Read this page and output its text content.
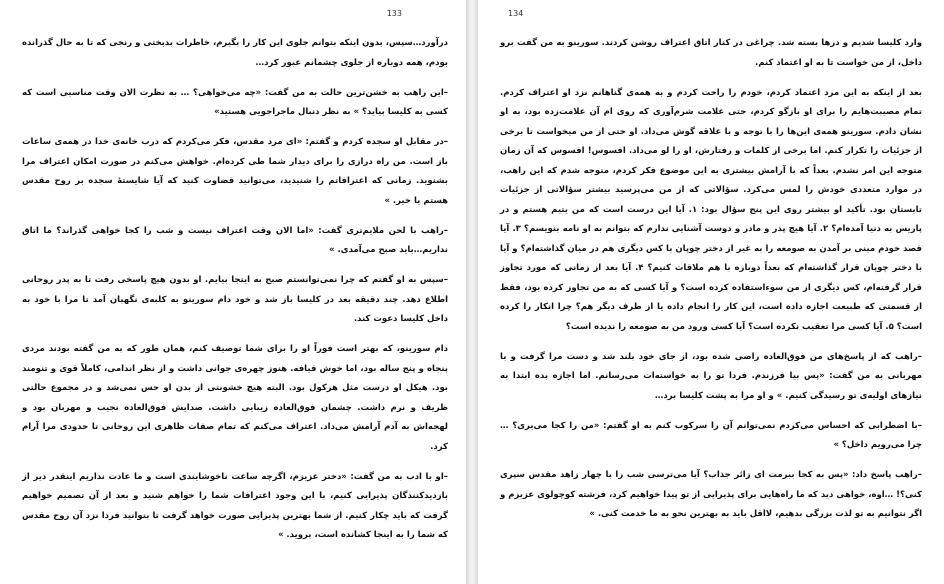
133

درآورد…سپس، بدون اینکه بتوانم جلوی این کار را بگیرم، خاطرات بدبختی و رنجی که تا به حال گذرانده بودم، همه دوباره از جلوی چشمانم عبور کرد…

–این راهب به خشن‌ترین حالت به من گفت: «چه می‌خواهی؟ … به نظرت الان وقت مناسبی است که کسی به کلیسا بیاید؟ » به نظر دنبال ماجراجویی هستید»

–در مقابل او سجده کردم و گفتم: «ای مرد مقدس، فکر می‌کردم که درب خانه‌ی خدا در همه‌ی ساعات باز است. من راه درازی را برای دیدار شما طی کرده‌ام. خواهش می‌کنم در صورت امکان اعتراف مرا بشنوید. زمانی که اعترافاتم را شنیدید، می‌توانید قضاوت کنید که آیا شایستهٔ سجده بر روح مقدس هستم یا خیر. »

–راهب با لحن ملایم‌تری گفت: «اما الان وقت اعتراف نیست و شب را کجا خواهی گذراند؟ ما اتاق نداریم…باید صبح می‌آمدی. »

–سپس به او گفتم که چرا نمی‌توانستم صبح به اینجا بیایم. او بدون هیچ پاسخی رفت تا به پدر روحانی اطلاع دهد. چند دقیقه بعد در کلیسا باز شد و خود دام سورینو به کلبه‌ی نگهبان آمد تا مرا با خود به داخل کلیسا دعوت کند.

دام سورینو، که بهتر است فوراً او را برای شما توصیف کنم، همان طور که به من گفته بودند مردی پنجاه و پنج ساله بود، اما خوش قیافه. هنوز چهره‌ی جوانی داشت و از نظر اندامی، کاملاً قوی و تنومند بود. هیکل او درست مثل هرکول بود. البته هیچ خشونتی از بدن او حس نمی‌شد و در مجموع حالتی ظریف و نرم داشت. چشمان فوق‌العاده زیبایی داشت. صدایش فوق‌العاده نجیب و مهربان بود و لهجه‌اش به آدم آرامش می‌داد. اعتراف می‌کنم که تمام صفات ظاهری این روحانی تا حدودی مرا آرام کرد.

–او با ادب به من گفت: «دختر عزیزم، اگرچه ساعت ناخوشایندی است و ما عادت نداریم اینقدر دیر از بازدیدکنندگان پذیرایی کنیم، با این وجود اعترافات شما را خواهم شنید و بعد از آن تصمیم خواهیم گرفت که باید چکار کنیم. از شما بهترین پذیرایی صورت خواهد گرفت تا بتوانید فردا نزد آن روح مقدس که شما را به اینجا کشانده است، بروید. »

134

وارد کلیسا شدیم و درها بسته شد. چراغی در کنار اتاق اعتراف روشن کردند. سورینو به من گفت برو داخل، از من خواست تا به او اعتماد کنم.

بعد از اینکه به این مرد اعتماد کردم، خودم را راحت کردم و به همه‌ی گناهانم نزد او اعتراف کردم. تمام مصیبت‌هایم را برای او بازگو کردم، حتی علامت شرم‌آوری که روی ام آن علامت‌زده بود، به او نشان دادم. سورینو همه‌ی این‌ها را با توجه و با علاقه گوش می‌داد. او حتی از من میخواست تا برخی از جزئیات را تکرار کنم. اما برخی از کلمات و رفتارش، او را لو می‌داد. افسوس! افسوس که آن زمان متوجه این امر نشدم. بعداً که با آرامش بیشتری به این موضوع فکر کردم، متوجه شدم که این راهب، در موارد متعددی خودش را لمس می‌کرد. سؤالاتی که از من می‌پرسید بیشتر سؤالاتی از جزئیات تابستان بود. تأکید او بیشتر روی این پنج سؤال بود: ۱. آیا این درست است که من یتیم هستم و در پاریس به دنیا آمده‌ام؟ ۲. آیا هیچ پدر و مادر و دوست آشنایی ندارم که بتوانم به او نامه بنویسم؟ ۳. آیا قصد خودم مبنی بر آمدن به صومعه را به غیر از دختر چوپان با کس دیگری هم در میان گذاشته‌ام؟ و آیا با دختر چوپان قرار گذاشته‌ام که بعداً دوباره با هم ملاقات کنیم؟ ۴. آیا بعد از زمانی که مورد تجاوز قرار گرفته‌ام، کس دیگری از من سوءاستفاده کرده است؟ و آیا کسی که به من تجاوز کرده بود، فقط از قسمتی که طبیعت اجازه داده است، این کار را انجام داده یا از طرف دیگر هم؟ چرا انکار را کرده است؟ ۵. آیا کسی مرا تعقیب نکرده است؟ آیا کسی ورود من به صومعه را ندیده است؟

–راهب که از پاسخ‌های من فوق‌العاده راضی شده بود، از جای خود بلند شد و دست مرا گرفت و با مهربانی به من گفت: «پس بیا فرزندم. فردا تو را به خواسته‌ات می‌رسانم. اما اجازه بده ابتدا به نیازهای اولیه‌ی تو رسیدگی کنیم. » و او مرا به پشت کلیسا برد…

–با اضطرابی که احساس می‌کردم نمی‌توانم آن را سرکوب کنم به او گفتم: «من را کجا می‌بری؟ … چرا می‌رویم داخل؟ »

–راهب پاسخ داد: «پس به کجا ببرمت ای زائر جذاب؟ آیا می‌ترسی شب را با چهار زاهد مقدس سپری کنی؟! …اوه، خواهی دید که ما راه‌هایی برای پذیرایی از تو پیدا خواهیم کرد، فرشته کوچولوی عزیزم و اگر نتوانیم به تو لذت بزرگی بدهیم، لااقل باید به بهترین نحو به ما خدمت کنی. »
